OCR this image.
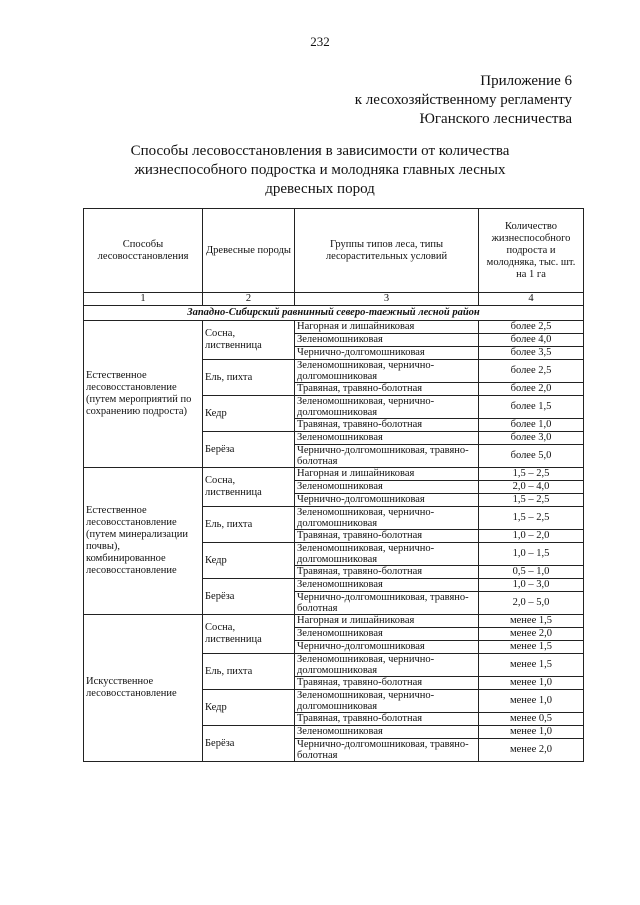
232
Приложение 6
к лесохозяйственному регламенту
Юганского лесничества
Способы лесовосстановления в зависимости от количества
жизнеспособного подростка и молодняка главных лесных
древесных пород
Способы лесовосстановления	Древесные породы	Группы типов леса, типы лесорастительных условий	Количество жизнеспособного подроста и молодняка, тыс. шт. на 1 га
1	2	3	4
Западно-Сибирский равнинный северо-таежный лесной район			
Естественное лесовосстановление (путем мероприятий по сохранению подроста)	Сосна, лиственница	Нагорная и лишайниковая	более 2,5
		Зеленомошниковая	более 4,0
		Чернично-долгомошниковая	более 3,5
	Ель, пихта	Зеленомошниковая, чернично-долгомошниковая	более 2,5
		Травяная, травяно-болотная	более 2,0
	Кедр	Зеленомошниковая, чернично-долгомошниковая	более 1,5
		Травяная, травяно-болотная	более 1,0
	Берёза	Зеленомошниковая	более 3,0
		Чернично-долгомошниковая, травяно-болотная	более 5,0
Естественное лесовосстановление (путем минерализации почвы), комбинированное лесовосстановление	Сосна, лиственница	Нагорная и лишайниковая	1,5 – 2,5
		Зеленомошниковая	2,0 – 4,0
		Чернично-долгомошниковая	1,5 – 2,5
	Ель, пихта	Зеленомошниковая, чернично-долгомошниковая	1,5 – 2,5
		Травяная, травяно-болотная	1,0 – 2,0
	Кедр	Зеленомошниковая, чернично-долгомошниковая	1,0 – 1,5
		Травяная, травяно-болотная	0,5 – 1,0
	Берёза	Зеленомошниковая	1,0 – 3,0
		Чернично-долгомошниковая, травяно-болотная	2,0 – 5,0
Искусственное лесовосстановление	Сосна, лиственница	Нагорная и лишайниковая	менее 1,5
		Зеленомошниковая	менее 2,0
		Чернично-долгомошниковая	менее 1,5
	Ель, пихта	Зеленомошниковая, чернично-долгомошниковая	менее 1,5
		Травяная, травяно-болотная	менее 1,0
	Кедр	Зеленомошниковая, чернично-долгомошниковая	менее 1,0
		Травяная, травяно-болотная	менее 0,5
	Берёза	Зеленомошниковая	менее 1,0
		Чернично-долгомошниковая, травяно-болотная	менее 2,0
